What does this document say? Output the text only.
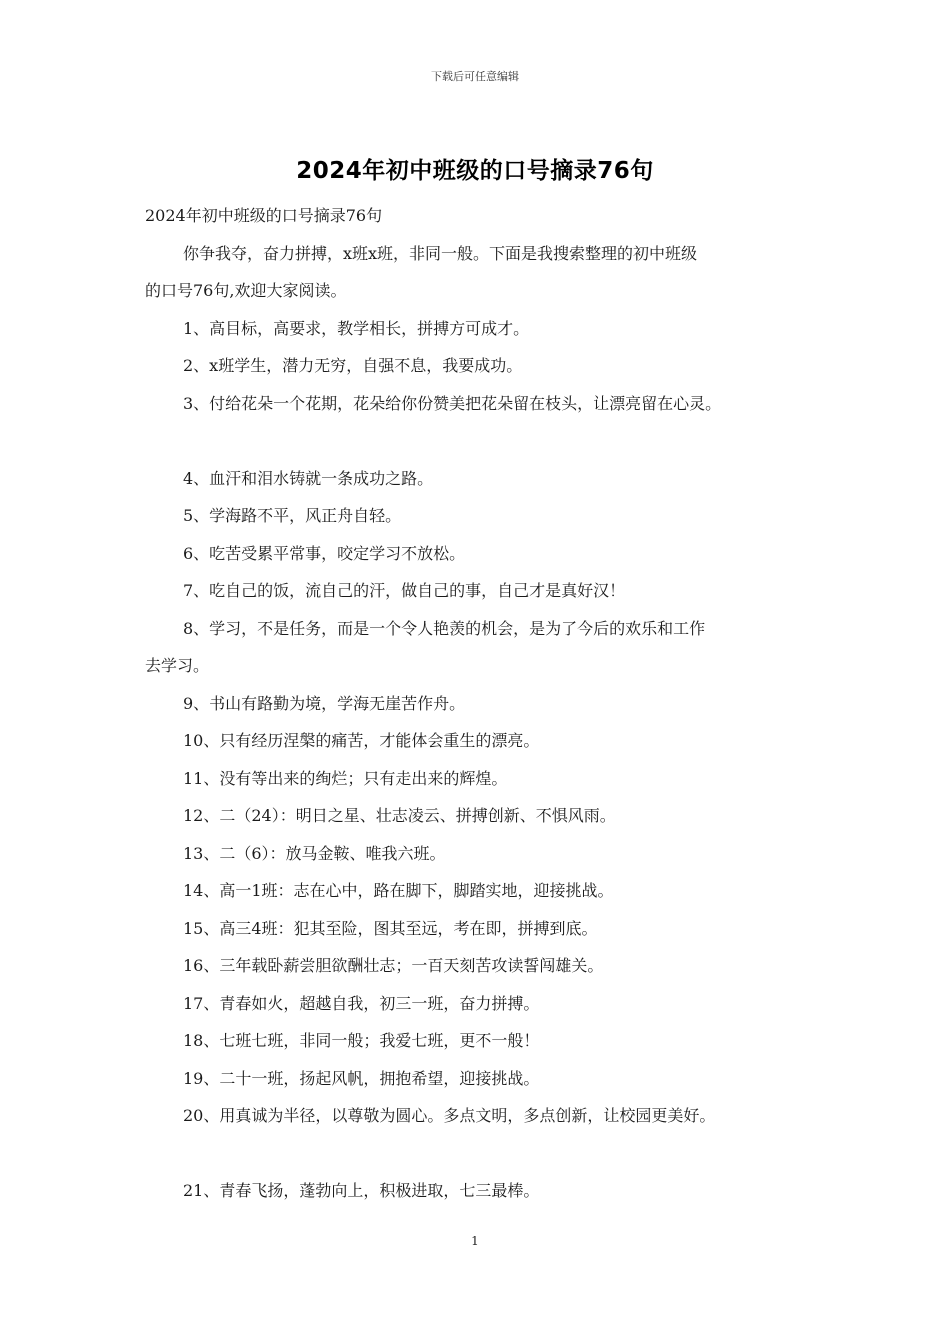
下载后可任意编辑
2024年初中班级的口号摘录76句

2024年初中班级的口号摘录76句

你争我夺，奋力拼搏，x班x班，非同一般。下面是我搜索整理的初中班级

的口号76句,欢迎大家阅读。

1、高目标，高要求，教学相长，拼搏方可成才。

2、x班学生，潜力无穷，自强不息，我要成功。

3、付给花朵一个花期，花朵给你份赞美把花朵留在枝头，让漂亮留在心灵。

4、血汗和泪水铸就一条成功之路。

5、学海路不平，风正舟自轻。

6、吃苦受累平常事，咬定学习不放松。

7、吃自己的饭，流自己的汗，做自己的事，自己才是真好汉！

8、学习，不是任务，而是一个令人艳羡的机会，是为了今后的欢乐和工作

去学习。

9、书山有路勤为境，学海无崖苦作舟。

10、只有经历涅槃的痛苦，才能体会重生的漂亮。

11、没有等出来的绚烂；只有走出来的辉煌。

12、二（24）：明日之星、壮志凌云、拼搏创新、不惧风雨。

13、二（6）：放马金鞍、唯我六班。

14、高一1班：志在心中，路在脚下，脚踏实地，迎接挑战。

15、高三4班：犯其至险，图其至远，考在即，拼搏到底。

16、三年载卧薪尝胆欲酬壮志；一百天刻苦攻读誓闯雄关。

17、青春如火，超越自我，初三一班，奋力拼搏。

18、七班七班，非同一般；我爱七班，更不一般！

19、二十一班，扬起风帆，拥抱希望，迎接挑战。

20、用真诚为半径，以尊敬为圆心。多点文明，多点创新，让校园更美好。

21、青春飞扬，蓬勃向上，积极进取，七三最棒。

1
